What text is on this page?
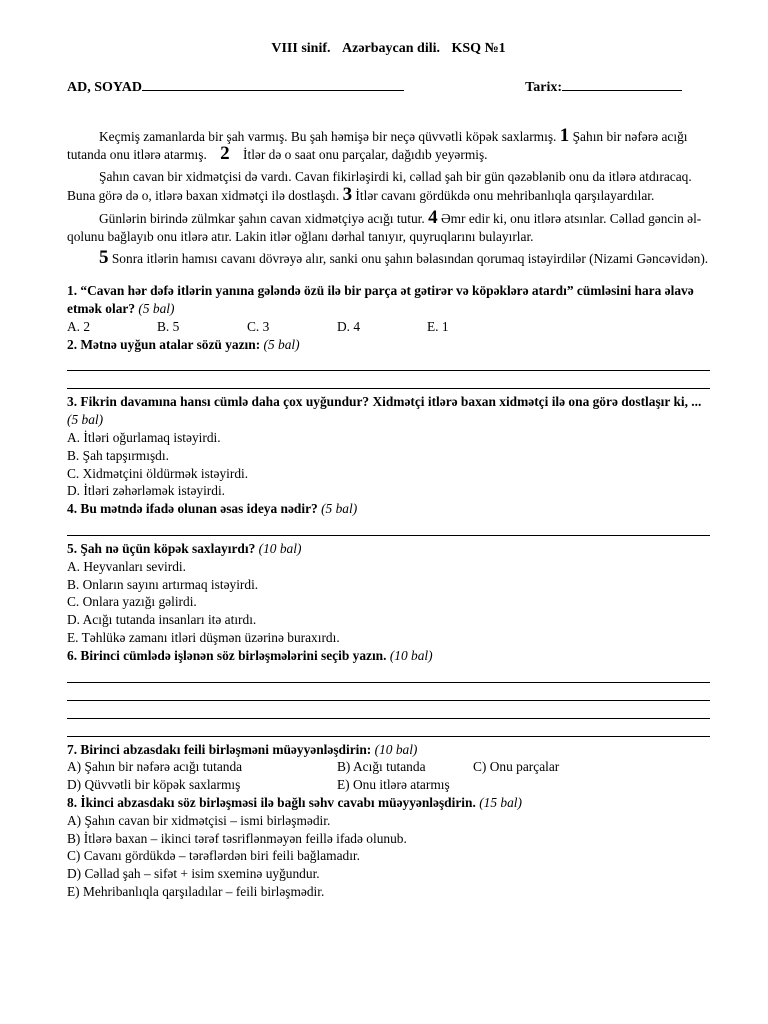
VIII sinif. Azərbaycan dili. KSQ №1
AD, SOYAD	Tarix:

Keçmiş zamanlarda bir şah varmış. Bu şah həmişə bir neçə qüvvətli köpək saxlarmış. 1 Şahın bir nəfərə acığı tutanda onu itlərə atarmış. 2 İtlər də o saat onu parçalar, dağıdıb yeyərmiş.

Şahın cavan bir xidmətçisi də vardı. Cavan fikirləşirdi ki, cəllad şah bir gün qəzəblənib onu da itlərə atdıracaq. Buna görə də o, itlərə baxan xidmətçi ilə dostlaşdı. 3 İtlər cavanı gördükdə onu mehribanlıqla qarşılayardılar.

Günlərin birində zülmkar şahın cavan xidmətçiyə acığı tutur. 4 Əmr edir ki, onu itlərə atsınlar. Cəllad gəncin əl-qolunu bağlayıb onu itlərə atır. Lakin itlər oğlanı dərhal tanıyır, quyruqlarını bulayırlar.

5 Sonra itlərin hamısı cavanı dövrəyə alır, sanki onu şahın bəlasından qorumaq istəyirdilər (Nizami Gəncəvidən).

1. “Cavan hər dəfə itlərin yanına gələndə özü ilə bir parça ət gətirər və köpəklərə atardı” cümləsini hara əlavə etmək olar? (5 bal)
A. 2	B. 5	C. 3	D. 4	E. 1
2. Mətnə uyğun atalar sözü yazın: (5 bal)
3. Fikrin davamına hansı cümlə daha çox uyğundur? Xidmətçi itlərə baxan xidmətçi ilə ona görə dostlaşır ki, ... (5 bal)

A. İtləri oğurlamaq istəyirdi.

B. Şah tapşırmışdı.

C. Xidmətçini öldürmək istəyirdi.

D. İtləri zəhərləmək istəyirdi.

4. Bu mətndə ifadə olunan əsas ideya nədir? (5 bal)
5. Şah nə üçün köpək saxlayırdı? (10 bal)

A. Heyvanları sevirdi.

B. Onların sayını artırmaq istəyirdi.

C. Onlara yazığı gəlirdi.

D. Acığı tutanda insanları itə atırdı.

E. Təhlükə zamanı itləri düşmən üzərinə buraxırdı.

6. Birinci cümlədə işlənən söz birləşmələrini seçib yazın. (10 bal)
7. Birinci abzasdakı feili birləşməni müəyyənləşdirin: (10 bal)
A) Şahın bir nəfərə acığı tutanda	B) Acığı tutanda	C) Onu parçalar
D) Qüvvətli bir köpək saxlarmış	E) Onu itlərə atarmış
8. İkinci abzasdakı söz birləşməsi ilə bağlı səhv cavabı müəyyənləşdirin. (15 bal)

A) Şahın cavan bir xidmətçisi – ismi birləşmədir.

B) İtlərə baxan – ikinci tərəf təsriflənməyən feillə ifadə olunub.

C) Cavanı gördükdə – tərəflərdən biri feili bağlamadır.

D) Cəllad şah – sifət + isim sxeminə uyğundur.

E) Mehribanlıqla qarşıladılar – feili birləşmədir.
